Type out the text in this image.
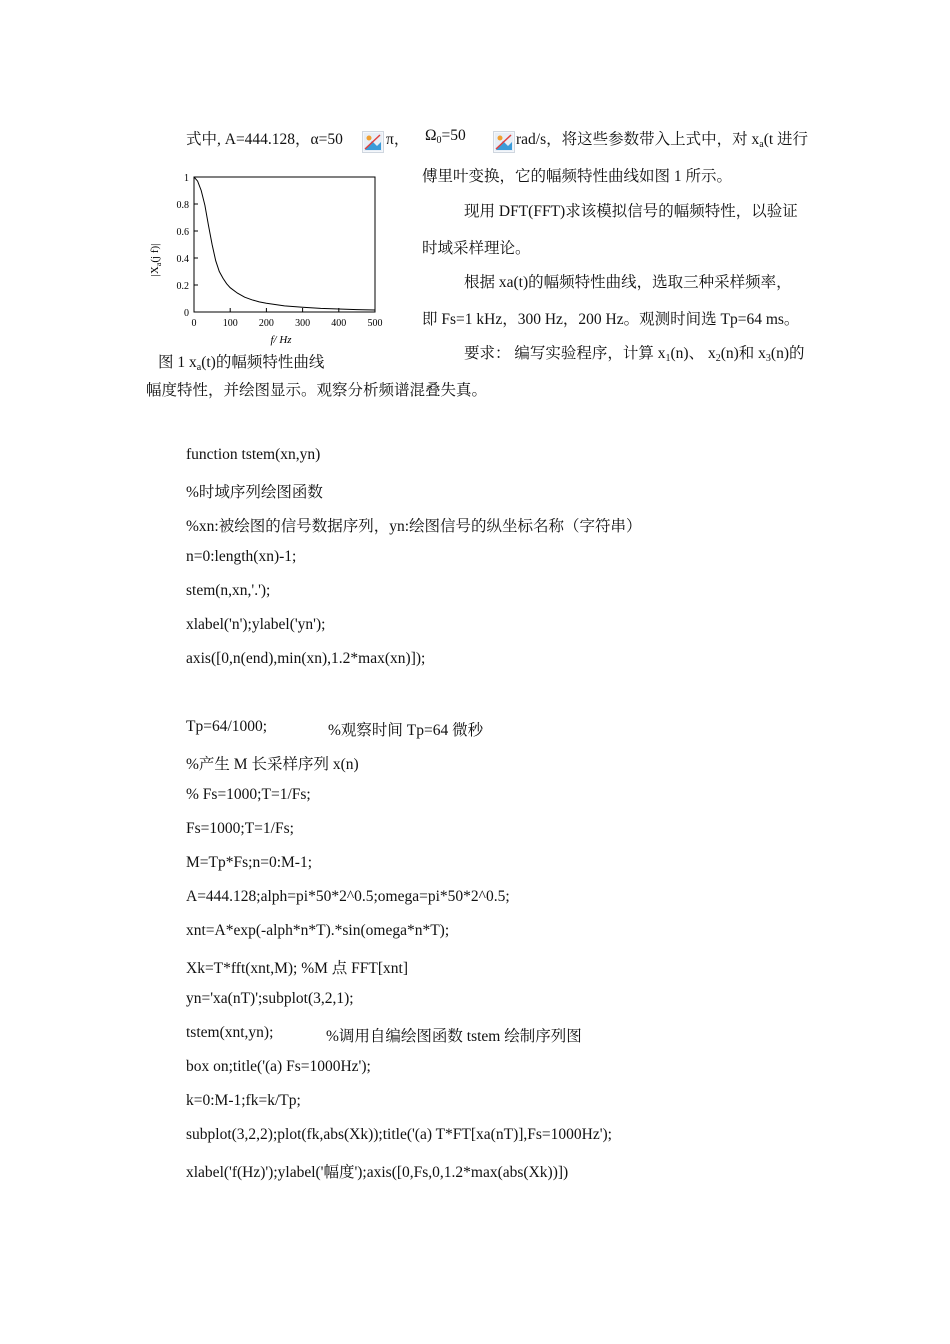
式中, A=444.128，α=50	π， $\Omega_0=50$	rad/s，将这些参数带入上式中，对 $x_a(t$ 进行
傅里叶变换，它的幅频特性曲线如图 1 所示。
现用 DFT(FFT)求该模拟信号的幅频特性，以验证
时域采样理论。
根据 xa(t)的幅频特性曲线，选取三种采样频率，
即 Fs=1 kHz，300 Hz，200 Hz。观测时间选 Tp=64 ms。
要求： 编写实验程序，计算 $x_1(n)$、 $x_2(n)$和 $x_3(n)$的
幅度特性，并绘图显示。观察分析频谱混叠失真。
0
0.2
0.4
0.6
0.8
1
0	100 200 300 400 500
$|X_a(j$ f)|
f/ Hz
图 1 $x_a(t)$的幅频特性曲线
function tstem(xn,yn)
%时域序列绘图函数
%xn:被绘图的信号数据序列，yn:绘图信号的纵坐标名称（字符串）
n=0:length(xn)-1;
stem(n,xn,'.');
xlabel('n');ylabel('yn');
axis([0,n(end),min(xn),1.2*max(xn)]);
Tp=64/1000;	%观察时间 Tp=64 微秒
%产生 M 长采样序列 x(n)
% Fs=1000;T=1/Fs;
Fs=1000;T=1/Fs;
M=Tp*Fs;n=0:M-1;
A=444.128;alph=pi*50*2^0.5;omega=pi*50*2^0.5;
xnt=A*exp(-alph*n*T).*sin(omega*n*T);
Xk=T*fft(xnt,M); %M 点 FFT[xnt]
yn='xa(nT)';subplot(3,2,1);
tstem(xnt,yn);	%调用自编绘图函数 tstem 绘制序列图
box on;title('(a) Fs=1000Hz');
k=0:M-1;fk=k/Tp;
subplot(3,2,2);plot(fk,abs(Xk));title('(a) T*FT[xa(nT)],Fs=1000Hz');
xlabel('f(Hz)');ylabel('幅度');axis([0,Fs,0,1.2*max(abs(Xk))])
